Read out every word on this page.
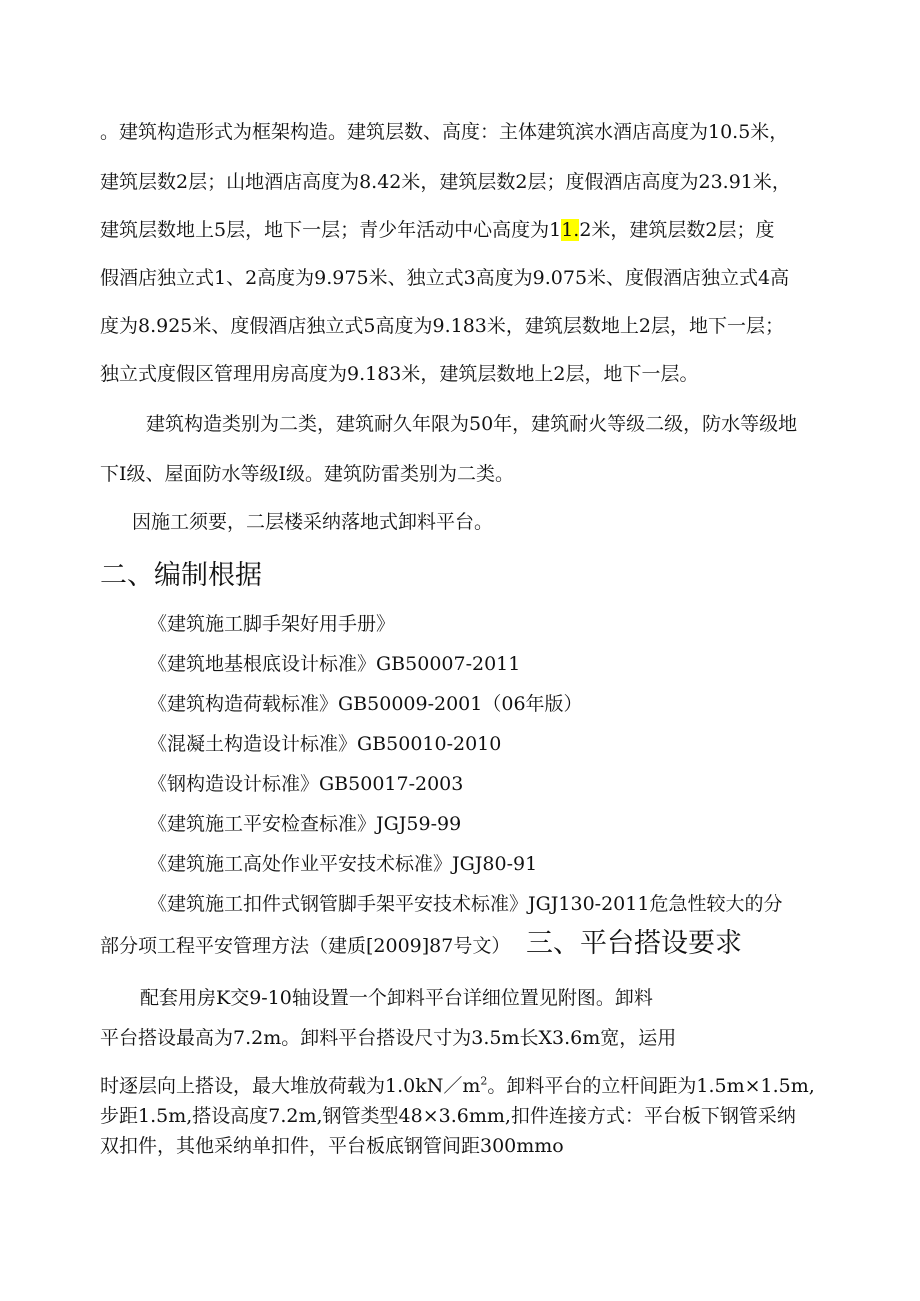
。建筑构造形式为框架构造。建筑层数、高度：主体建筑滨水酒店高度为10.5米，
建筑层数2层；山地酒店高度为8.42米，建筑层数2层；度假酒店高度为23.91米，
建筑层数地上5层，地下一层；青少年活动中心高度为11.2米，建筑层数2层；度
假酒店独立式1、2高度为9.975米、独立式3高度为9.075米、度假酒店独立式4高
度为8.925米、度假酒店独立式5高度为9.183米，建筑层数地上2层，地下一层；
独立式度假区管理用房高度为9.183米，建筑层数地上2层，地下一层。
建筑构造类别为二类，建筑耐久年限为50年，建筑耐火等级二级，防水等级地
下I级、屋面防水等级I级。建筑防雷类别为二类。
因施工须要，二层楼采纳落地式卸料平台。
二、编制根据
《建筑施工脚手架好用手册》
《建筑地基根底设计标准》GB50007-2011
《建筑构造荷载标准》GB50009-2001（06年版）
《混凝土构造设计标准》GB50010-2010
《钢构造设计标准》GB50017-2003
《建筑施工平安检查标准》JGJ59-99
《建筑施工高处作业平安技术标准》JGJ80-91
《建筑施工扣件式钢管脚手架平安技术标准》JGJ130-2011危急性较大的分
部分项工程平安管理方法（建质[2009]87号文） 三、平台搭设要求
配套用房K交9-10轴设置一个卸料平台详细位置见附图。卸料
平台搭设最高为7.2m。卸料平台搭设尺寸为3.5m长X3.6m宽，运用
时逐层向上搭设，最大堆放荷载为$1.0kN/m^2$。卸料平台的立杆间距为1.5m×1.5m,
步距1.5m,搭设高度7.2m,钢管类型48×3.6mm,扣件连接方式：平台板下钢管采纳
双扣件，其他采纳单扣件，平台板底钢管间距300mmo
